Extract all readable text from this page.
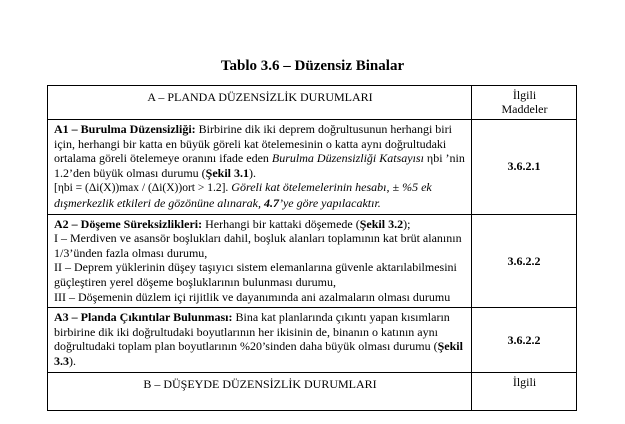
Tablo 3.6 – Düzensiz Binalar
A – PLANDA DÜZENSİZLİK DURUMLARI	İlgili
Maddeler
A1 – Burulma Düzensizliği: Birbirine dik iki deprem doğrultusunun herhangi biri için, herhangi bir katta en büyük göreli kat ötelemesinin o katta aynı doğrultudaki ortalama göreli ötelemeye oranını ifade eden Burulma Düzensizliği Katsayısı ηbi ’nin 1.2’den büyük olması durumu (Şekil 3.1).
[ηbi = (Δi(X))max / (Δi(X))ort > 1.2]. Göreli kat ötelemelerinin hesabı, ± %5 ek dışmerkezlik etkileri de gözönüne alınarak, 4.7’ye göre yapılacaktır.	3.6.2.1
A2 – Döşeme Süreksizlikleri: Herhangi bir kattaki döşemede (Şekil 3.2);
I – Merdiven ve asansör boşlukları dahil, boşluk alanları toplamının kat brüt alanının 1/3’ünden fazla olması durumu,
II – Deprem yüklerinin düşey taşıyıcı sistem elemanlarına güvenle aktarılabilmesini güçleştiren yerel döşeme boşluklarının bulunması durumu,
III – Döşemenin düzlem içi rijitlik ve dayanımında ani azalmaların olması durumu	3.6.2.2
A3 – Planda Çıkıntılar Bulunması: Bina kat planlarında çıkıntı yapan kısımların birbirine dik iki doğrultudaki boyutlarının her ikisinin de, binanın o katının aynı doğrultudaki toplam plan boyutlarının %20’sinden daha büyük olması durumu (Şekil 3.3).	3.6.2.2
B – DÜŞEYDE DÜZENSİZLİK DURUMLARI	İlgili
